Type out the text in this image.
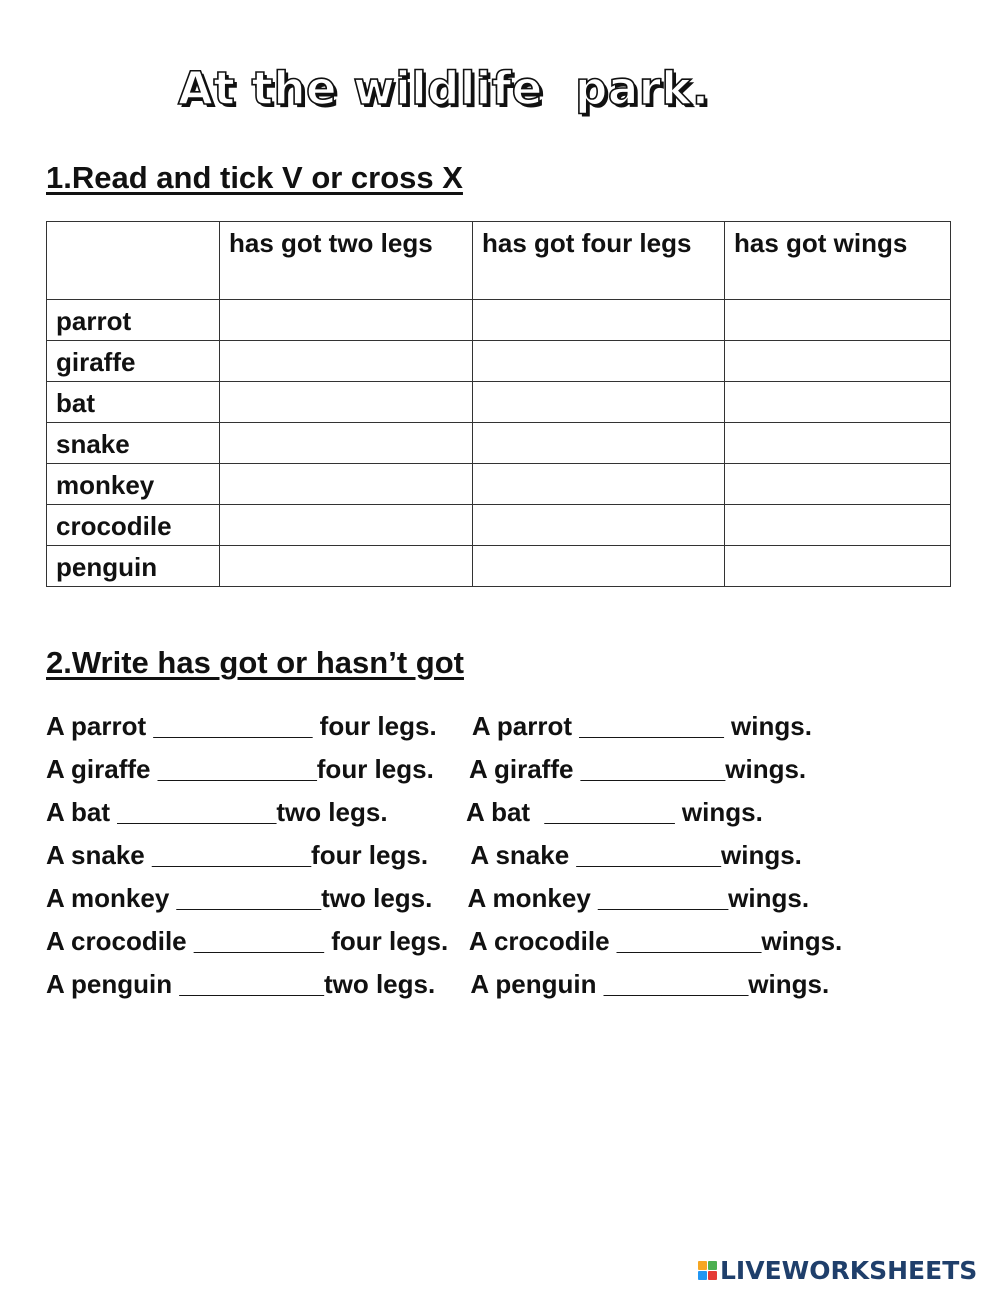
At the wildlife  park.
1.Read and tick V or cross X
	has got two legs	has got four legs	has got wings
parrot			
giraffe			
bat			
snake			
monkey			
crocodile			
penguin			
2.Write has got or hasn’t got
A parrot ___________ four legs.     A parrot __________ wings.
A giraffe ___________four legs.     A giraffe __________wings.
A bat ___________two legs.           A bat  _________ wings.
A snake ___________four legs.      A snake __________wings.
A monkey __________two legs.     A monkey _________wings.
A crocodile _________ four legs.   A crocodile __________wings.
A penguin __________two legs.     A penguin __________wings.
LIVEWORKSHEETS
